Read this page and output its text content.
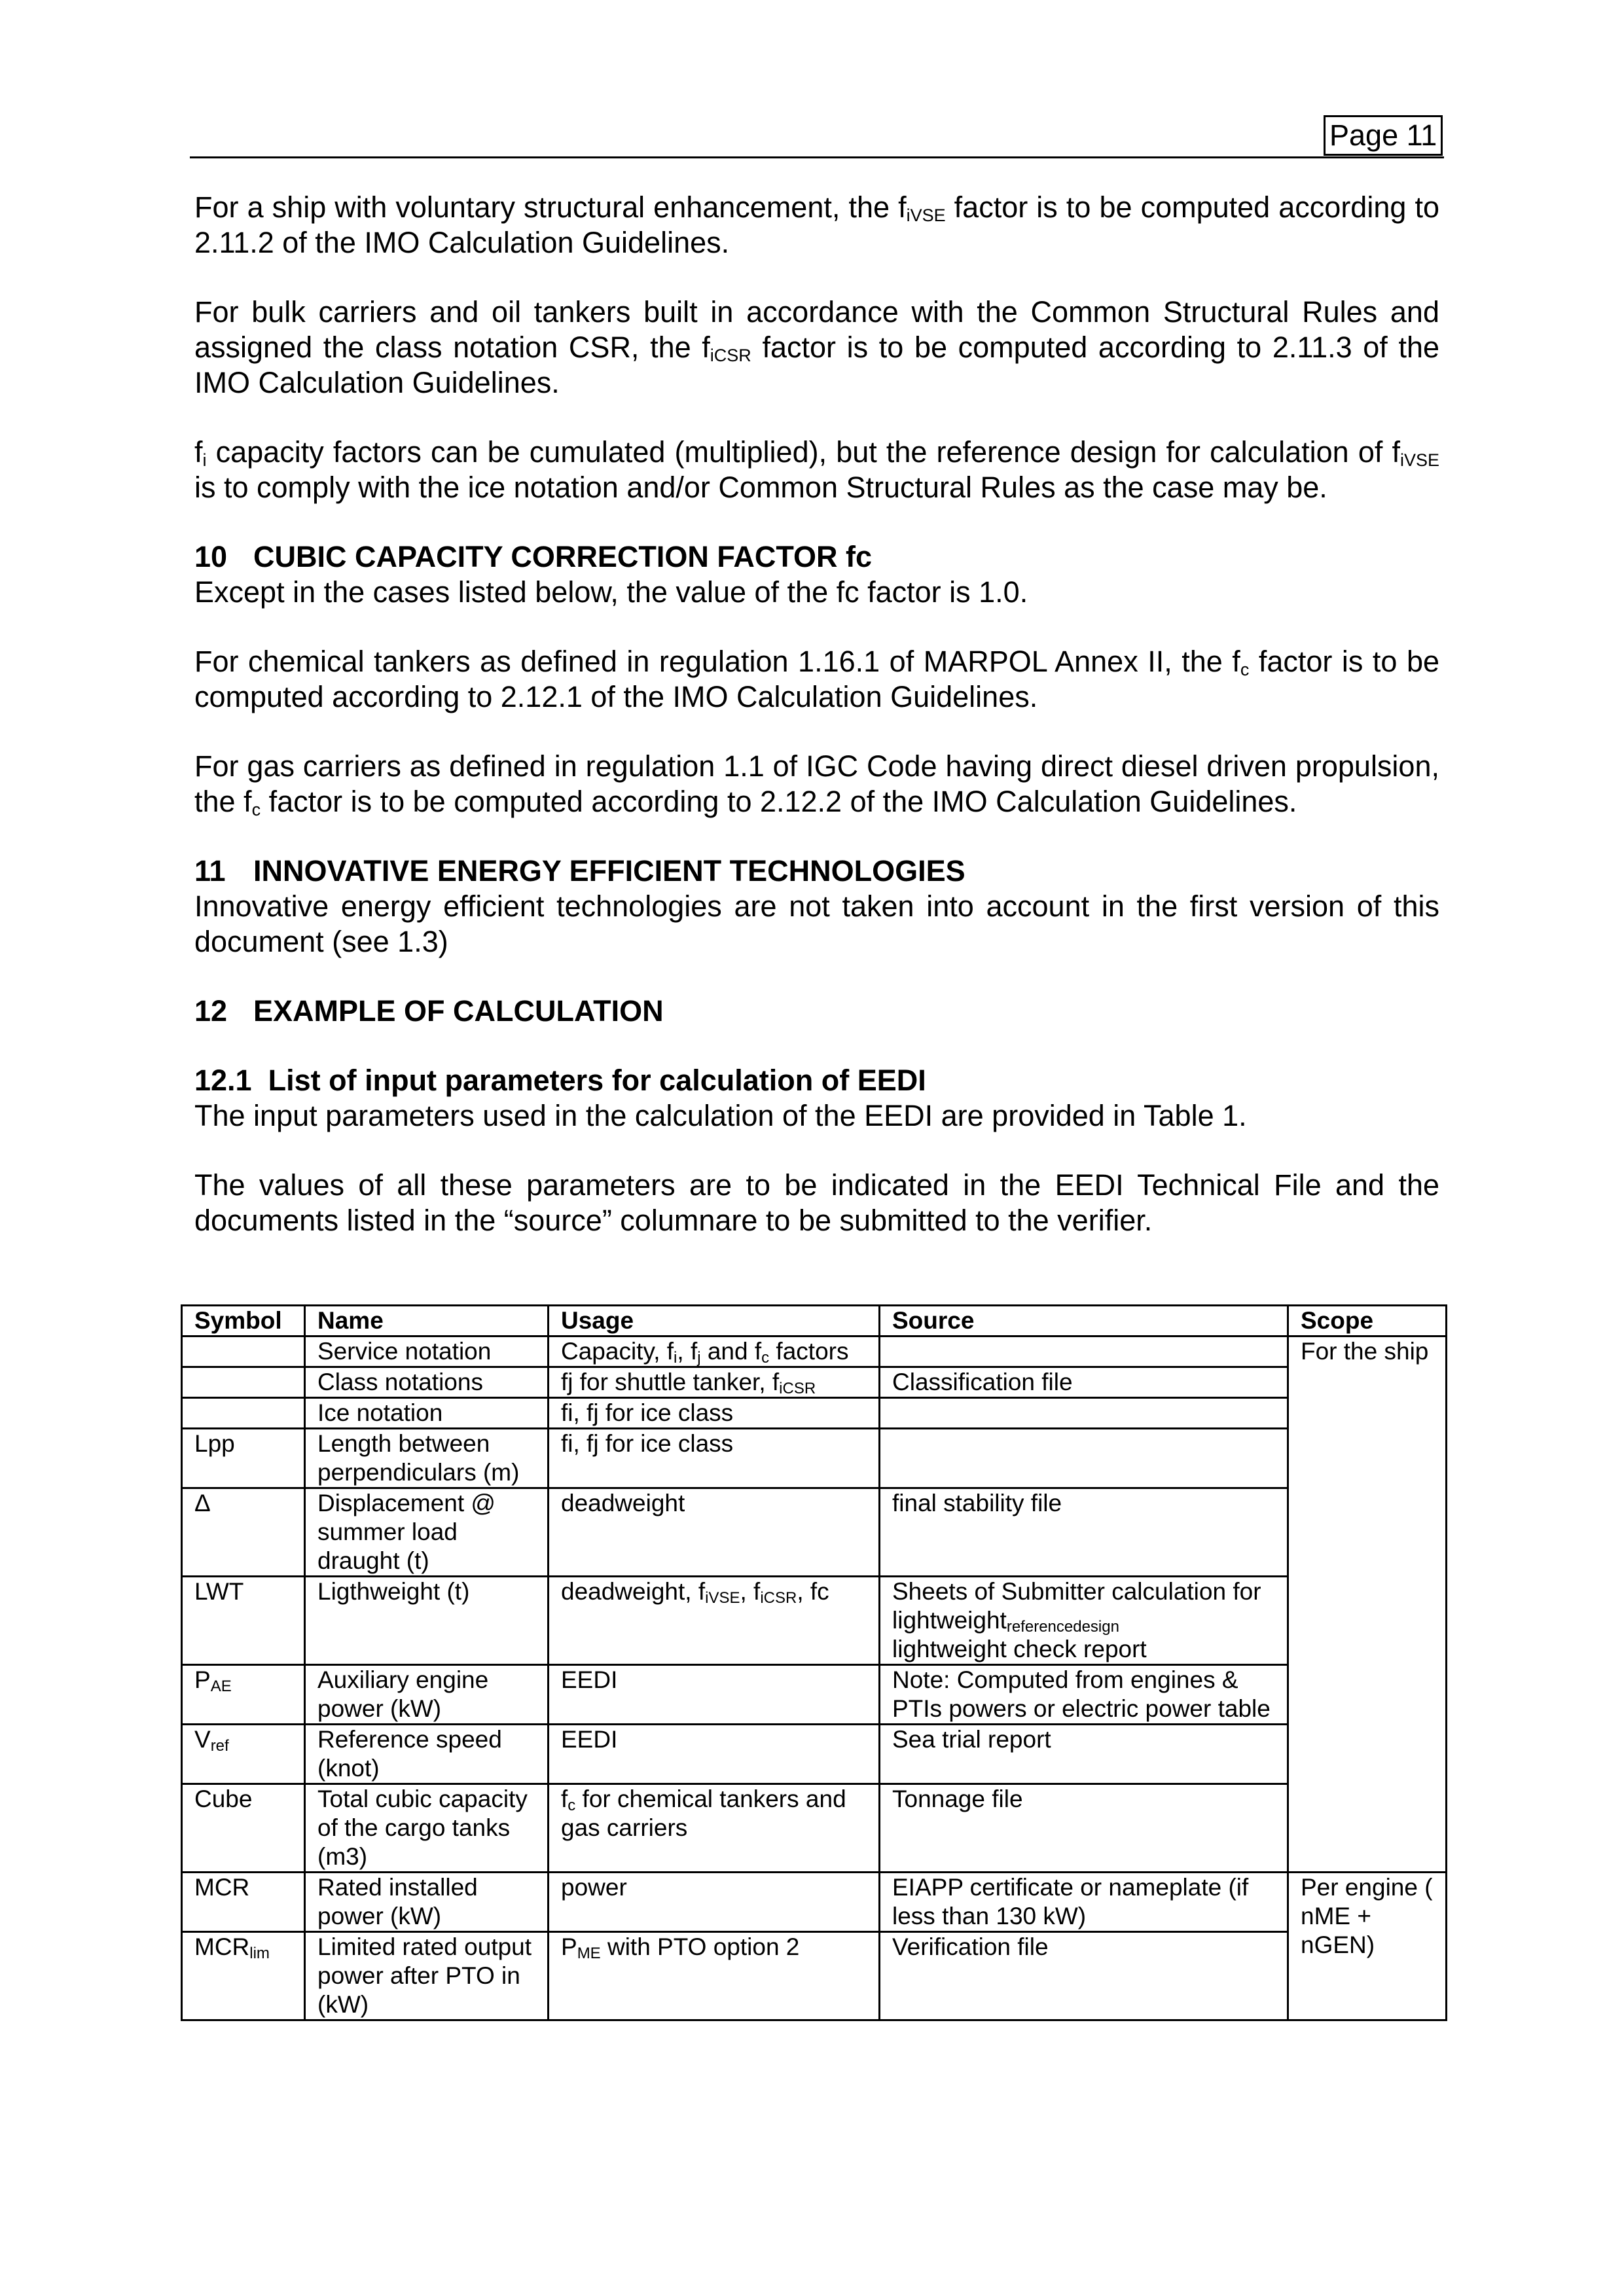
Page 11

For a ship with voluntary structural enhancement, the $f_{iVSE}$ factor is to be computed according to 2.11.2 of the IMO Calculation Guidelines.

For bulk carriers and oil tankers built in accordance with the Common Structural Rules and assigned the class notation CSR, the $f_{iCSR}$ factor is to be computed according to 2.11.3 of the IMO Calculation Guidelines.

$f_i$ capacity factors can be cumulated (multiplied), but the reference design for calculation of $f_{iVSE}$ is to comply with the ice notation and/or Common Structural Rules as the case may be.

10 CUBIC CAPACITY CORRECTION FACTOR fc

Except in the cases listed below, the value of the fc factor is 1.0.

For chemical tankers as defined in regulation 1.16.1 of MARPOL Annex II, the $f_c$ factor is to be computed according to 2.12.1 of the IMO Calculation Guidelines.

For gas carriers as defined in regulation 1.1 of IGC Code having direct diesel driven propulsion, the $f_c$ factor is to be computed according to 2.12.2 of the IMO Calculation Guidelines.

11 INNOVATIVE ENERGY EFFICIENT TECHNOLOGIES

Innovative energy efficient technologies are not taken into account in the first version of this document (see 1.3)

12 EXAMPLE OF CALCULATION

12.1 List of input parameters for calculation of EEDI

The input parameters used in the calculation of the EEDI are provided in Table 1.

The values of all these parameters are to be indicated in the EEDI Technical File and the documents listed in the “source” columnare to be submitted to the verifier.

Symbol	Name	Usage	Source	Scope
	Service notation	Capacity, $f_i$, $f_j$ and $f_c$ factors		For the ship
	Class notations	fj for shuttle tanker, $f_{iCSR}$	Classification file	
	Ice notation	fi, fj for ice class		
Lpp	Length between perpendiculars (m)	fi, fj for ice class		
Δ	Displacement @ summer load draught (t)	deadweight	final stability file	
LWT	Ligthweight (t)	deadweight, $f_{iVSE}$, $f_{iCSR}$, fc	Sheets of Submitter calculation for lightweight$_{referencedesign}$
lightweight check report	
$P_{AE}$	Auxiliary engine power (kW)	EEDI	Note: Computed from engines & PTIs powers or electric power table	
$V_{ref}$	Reference speed (knot)	EEDI	Sea trial report	
Cube	Total cubic capacity of the cargo tanks (m3)	$f_c$ for chemical tankers and gas carriers	Tonnage file	
MCR	Rated installed power (kW)	power	EIAPP certificate or nameplate (if less than 130 kW)	Per engine ( nME + nGEN)
$MCR_{lim}$	Limited rated output power after PTO in (kW)	$P_{ME}$ with PTO option 2	Verification file	
